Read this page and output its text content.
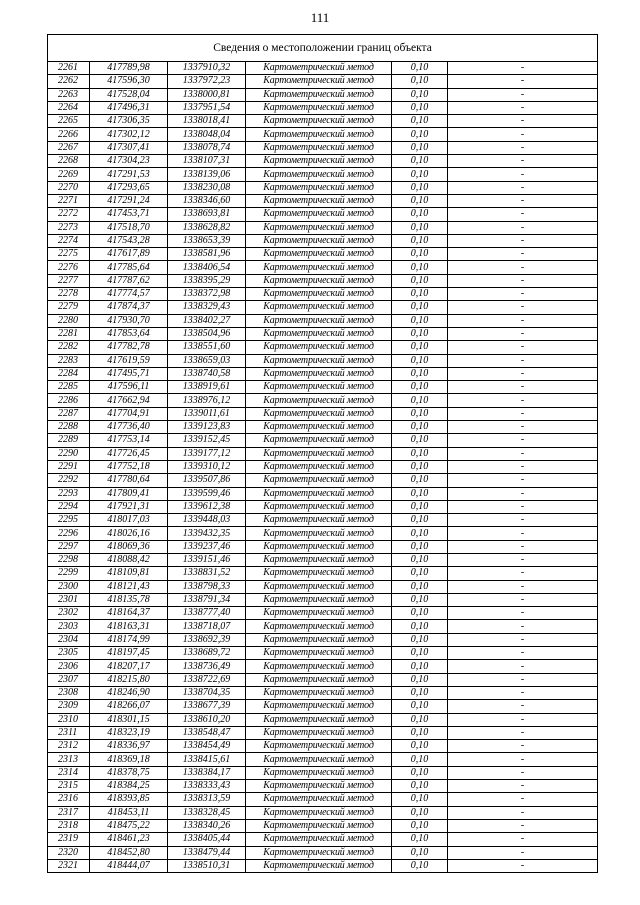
111
Сведения о местоположении границ объекта					
2261	417789,98	1337910,32	Картометрический метод	0,10	-
2262	417596,30	1337972,23	Картометрический метод	0,10	-
2263	417528,04	1338000,81	Картометрический метод	0,10	-
2264	417496,31	1337951,54	Картометрический метод	0,10	-
2265	417306,35	1338018,41	Картометрический метод	0,10	-
2266	417302,12	1338048,04	Картометрический метод	0,10	-
2267	417307,41	1338078,74	Картометрический метод	0,10	-
2268	417304,23	1338107,31	Картометрический метод	0,10	-
2269	417291,53	1338139,06	Картометрический метод	0,10	-
2270	417293,65	1338230,08	Картометрический метод	0,10	-
2271	417291,24	1338346,60	Картометрический метод	0,10	-
2272	417453,71	1338693,81	Картометрический метод	0,10	-
2273	417518,70	1338628,82	Картометрический метод	0,10	-
2274	417543,28	1338653,39	Картометрический метод	0,10	-
2275	417617,89	1338581,96	Картометрический метод	0,10	-
2276	417785,64	1338406,54	Картометрический метод	0,10	-
2277	417787,62	1338395,29	Картометрический метод	0,10	-
2278	417774,57	1338372,98	Картометрический метод	0,10	-
2279	417874,37	1338329,43	Картометрический метод	0,10	-
2280	417930,70	1338402,27	Картометрический метод	0,10	-
2281	417853,64	1338504,96	Картометрический метод	0,10	-
2282	417782,78	1338551,60	Картометрический метод	0,10	-
2283	417619,59	1338659,03	Картометрический метод	0,10	-
2284	417495,71	1338740,58	Картометрический метод	0,10	-
2285	417596,11	1338919,61	Картометрический метод	0,10	-
2286	417662,94	1338976,12	Картометрический метод	0,10	-
2287	417704,91	1339011,61	Картометрический метод	0,10	-
2288	417736,40	1339123,83	Картометрический метод	0,10	-
2289	417753,14	1339152,45	Картометрический метод	0,10	-
2290	417726,45	1339177,12	Картометрический метод	0,10	-
2291	417752,18	1339310,12	Картометрический метод	0,10	-
2292	417780,64	1339507,86	Картометрический метод	0,10	-
2293	417809,41	1339599,46	Картометрический метод	0,10	-
2294	417921,31	1339612,38	Картометрический метод	0,10	-
2295	418017,03	1339448,03	Картометрический метод	0,10	-
2296	418026,16	1339432,35	Картометрический метод	0,10	-
2297	418069,36	1339237,46	Картометрический метод	0,10	-
2298	418088,42	1339151,46	Картометрический метод	0,10	-
2299	418109,81	1338831,52	Картометрический метод	0,10	-
2300	418121,43	1338798,33	Картометрический метод	0,10	-
2301	418135,78	1338791,34	Картометрический метод	0,10	-
2302	418164,37	1338777,40	Картометрический метод	0,10	-
2303	418163,31	1338718,07	Картометрический метод	0,10	-
2304	418174,99	1338692,39	Картометрический метод	0,10	-
2305	418197,45	1338689,72	Картометрический метод	0,10	-
2306	418207,17	1338736,49	Картометрический метод	0,10	-
2307	418215,80	1338722,69	Картометрический метод	0,10	-
2308	418246,90	1338704,35	Картометрический метод	0,10	-
2309	418266,07	1338677,39	Картометрический метод	0,10	-
2310	418301,15	1338610,20	Картометрический метод	0,10	-
2311	418323,19	1338548,47	Картометрический метод	0,10	-
2312	418336,97	1338454,49	Картометрический метод	0,10	-
2313	418369,18	1338415,61	Картометрический метод	0,10	-
2314	418378,75	1338384,17	Картометрический метод	0,10	-
2315	418384,25	1338333,43	Картометрический метод	0,10	-
2316	418393,85	1338313,59	Картометрический метод	0,10	-
2317	418453,11	1338328,45	Картометрический метод	0,10	-
2318	418475,22	1338340,26	Картометрический метод	0,10	-
2319	418461,23	1338405,44	Картометрический метод	0,10	-
2320	418452,80	1338479,44	Картометрический метод	0,10	-
2321	418444,07	1338510,31	Картометрический метод	0,10	-
